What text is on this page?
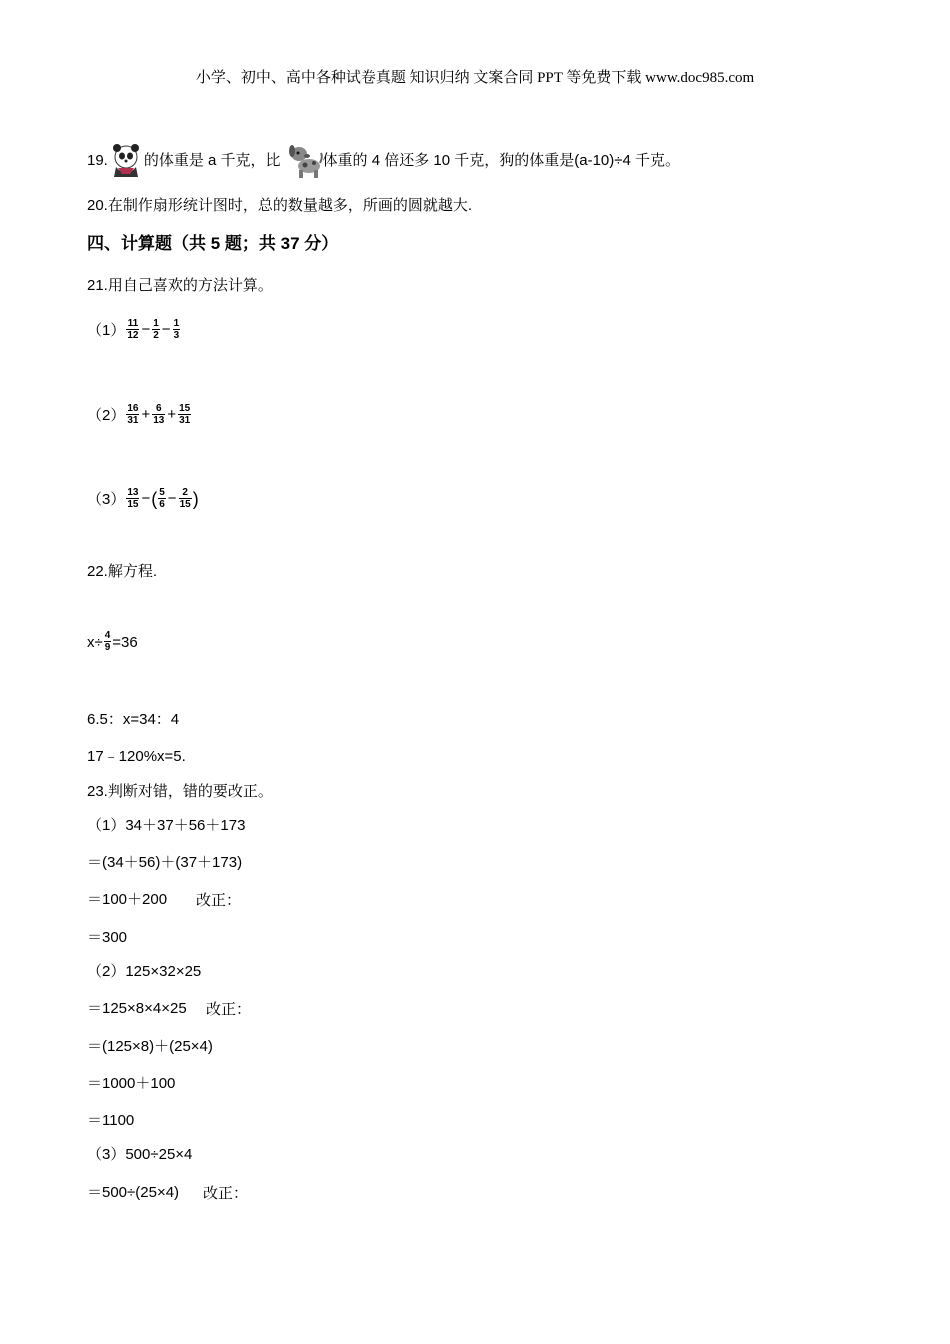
小学、初中、高中各种试卷真题 知识归纳 文案合同 PPT 等免费下载 www.doc985.com
19. 的体重是 a 千克，比	体重的 4 倍还多 10 千克，狗的体重是(a-10)÷4 千克。
20.在制作扇形统计图时，总的数量越多，所画的圆就越大.
四、计算题（共 5 题；共 37 分）
21.用自己喜欢的方法计算。
$(1) \frac{11}{12} - \frac{1}{2} - \frac{1}{3}$
$(2) \frac{16}{31} + \frac{6}{13} + \frac{15}{31}$
$(3) \frac{13}{15}$ −( $\frac{5}{6} - \frac{2}{15}$ )
22.解方程.
$x\div \frac{4}{9} =36$
6.5：x=34：4
17﹣120%x=5.
23.判断对错，错的要改正。
（1）34＋37＋56＋173
＝(34＋56)＋(37＋173)
＝100＋200 改正：
＝300
（2）125×32×25
＝125×8×4×25 改正：
＝(125×8)＋(25×4)
＝1000＋100
＝1100
（3）500÷25×4
＝500÷(25×4) 改正：
